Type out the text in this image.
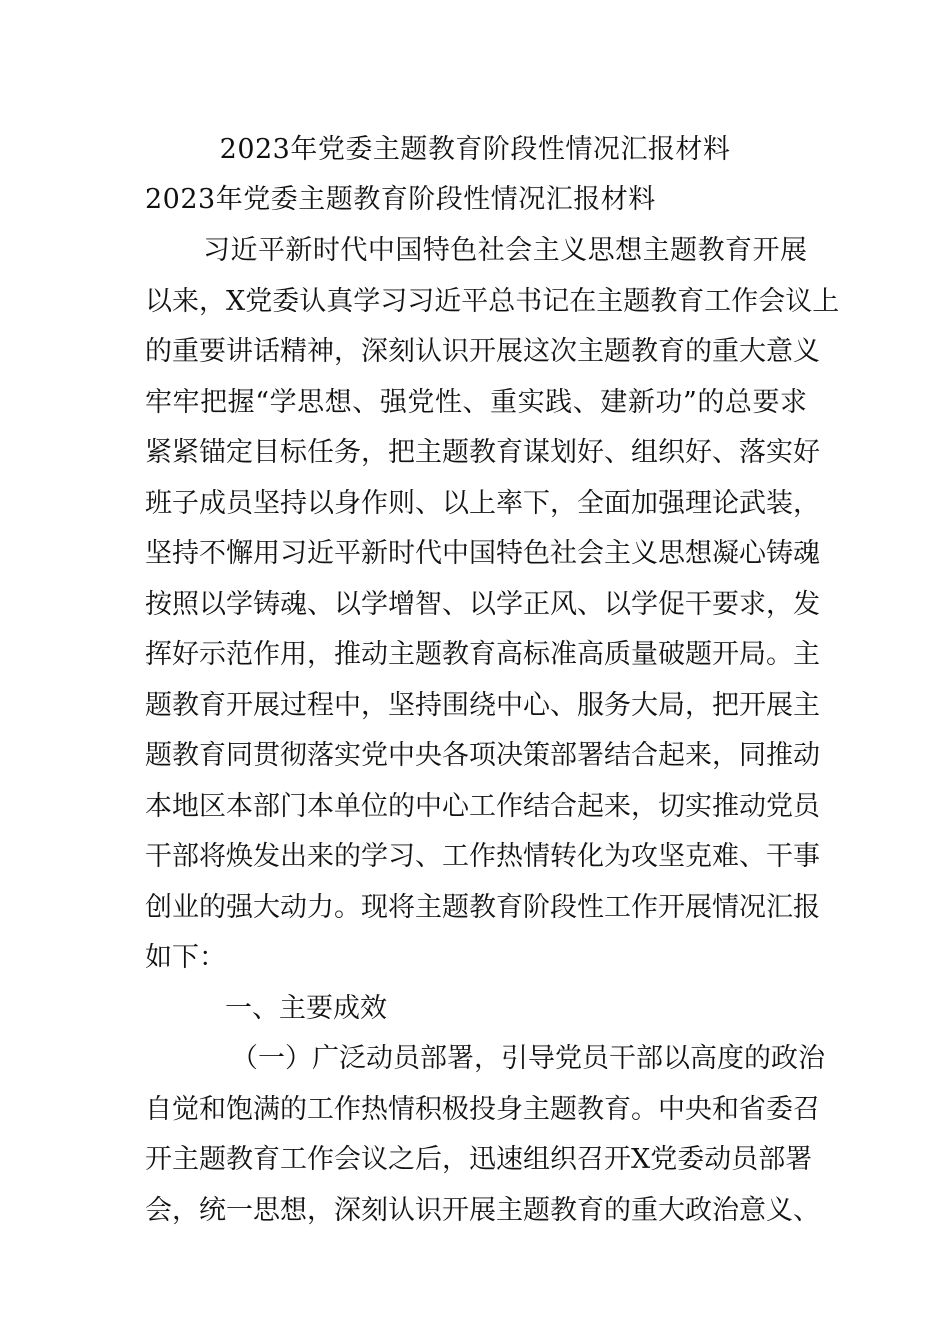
2023年党委主题教育阶段性情况汇报材料
2023年党委主题教育阶段性情况汇报材料
习近平新时代中国特色社会主义思想主题教育开展
以来，X党委认真学习习近平总书记在主题教育工作会议上
的重要讲话精神，深刻认识开展这次主题教育的重大意义
牢牢把握“学思想、强党性、重实践、建新功”的总要求
紧紧锚定目标任务，把主题教育谋划好、组织好、落实好
班子成员坚持以身作则、以上率下，全面加强理论武装，
坚持不懈用习近平新时代中国特色社会主义思想凝心铸魂
按照以学铸魂、以学增智、以学正风、以学促干要求，发
挥好示范作用，推动主题教育高标准高质量破题开局。主
题教育开展过程中，坚持围绕中心、服务大局，把开展主
题教育同贯彻落实党中央各项决策部署结合起来，同推动
本地区本部门本单位的中心工作结合起来，切实推动党员
干部将焕发出来的学习、工作热情转化为攻坚克难、干事
创业的强大动力。现将主题教育阶段性工作开展情况汇报
如下：
一、主要成效
（一）广泛动员部署，引导党员干部以高度的政治
自觉和饱满的工作热情积极投身主题教育。中央和省委召
开主题教育工作会议之后，迅速组织召开X党委动员部署
会，统一思想，深刻认识开展主题教育的重大政治意义、
